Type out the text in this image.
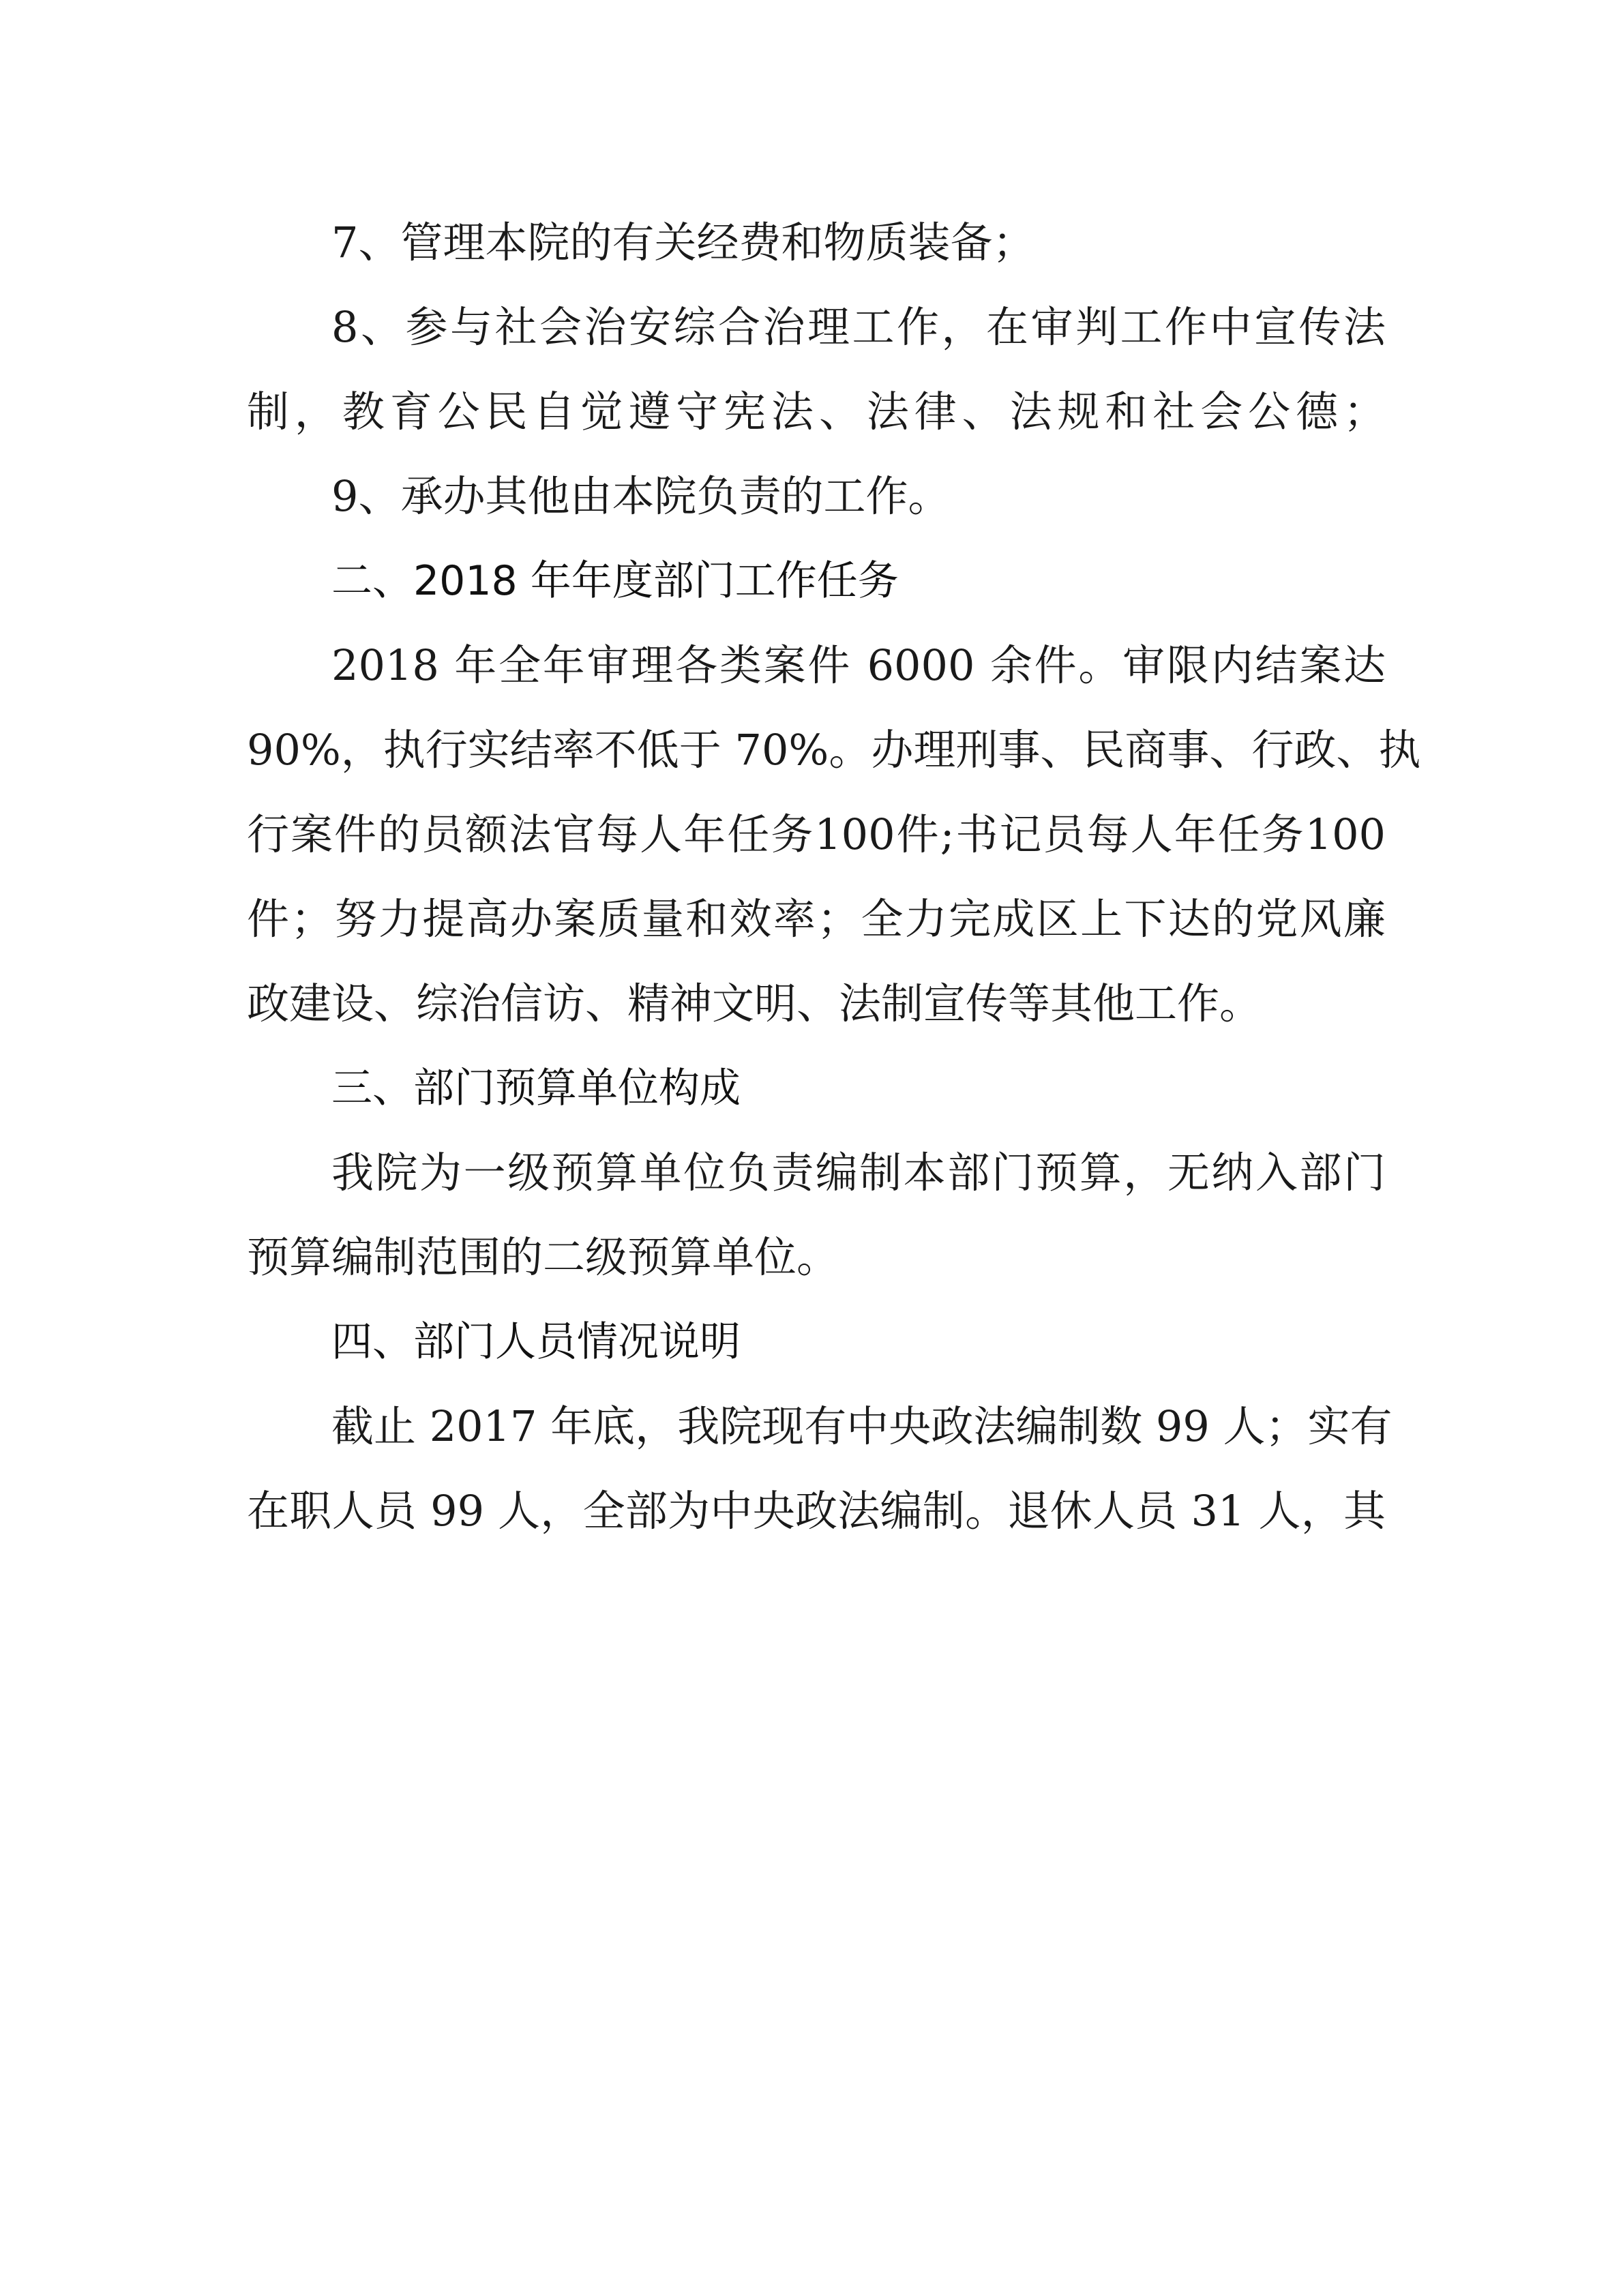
7、管理本院的有关经费和物质装备；
8、参与社会治安综合治理工作，在审判工作中宣传法
制，教育公民自觉遵守宪法、法律、法规和社会公德；
9、承办其他由本院负责的工作。
二、2018 年年度部门工作任务
2018 年全年审理各类案件 6000 余件。审限内结案达
90%，执行实结率不低于 70%。办理刑事、民商事、行政、执
行案件的员额法官每人年任务100件;书记员每人年任务100
件；努力提高办案质量和效率；全力完成区上下达的党风廉
政建设、综治信访、精神文明、法制宣传等其他工作。
三、部门预算单位构成
我院为一级预算单位负责编制本部门预算，无纳入部门
预算编制范围的二级预算单位。
四、部门人员情况说明
截止 2017 年底，我院现有中央政法编制数 99 人；实有
在职人员 99 人，全部为中央政法编制。退休人员 31 人，其
